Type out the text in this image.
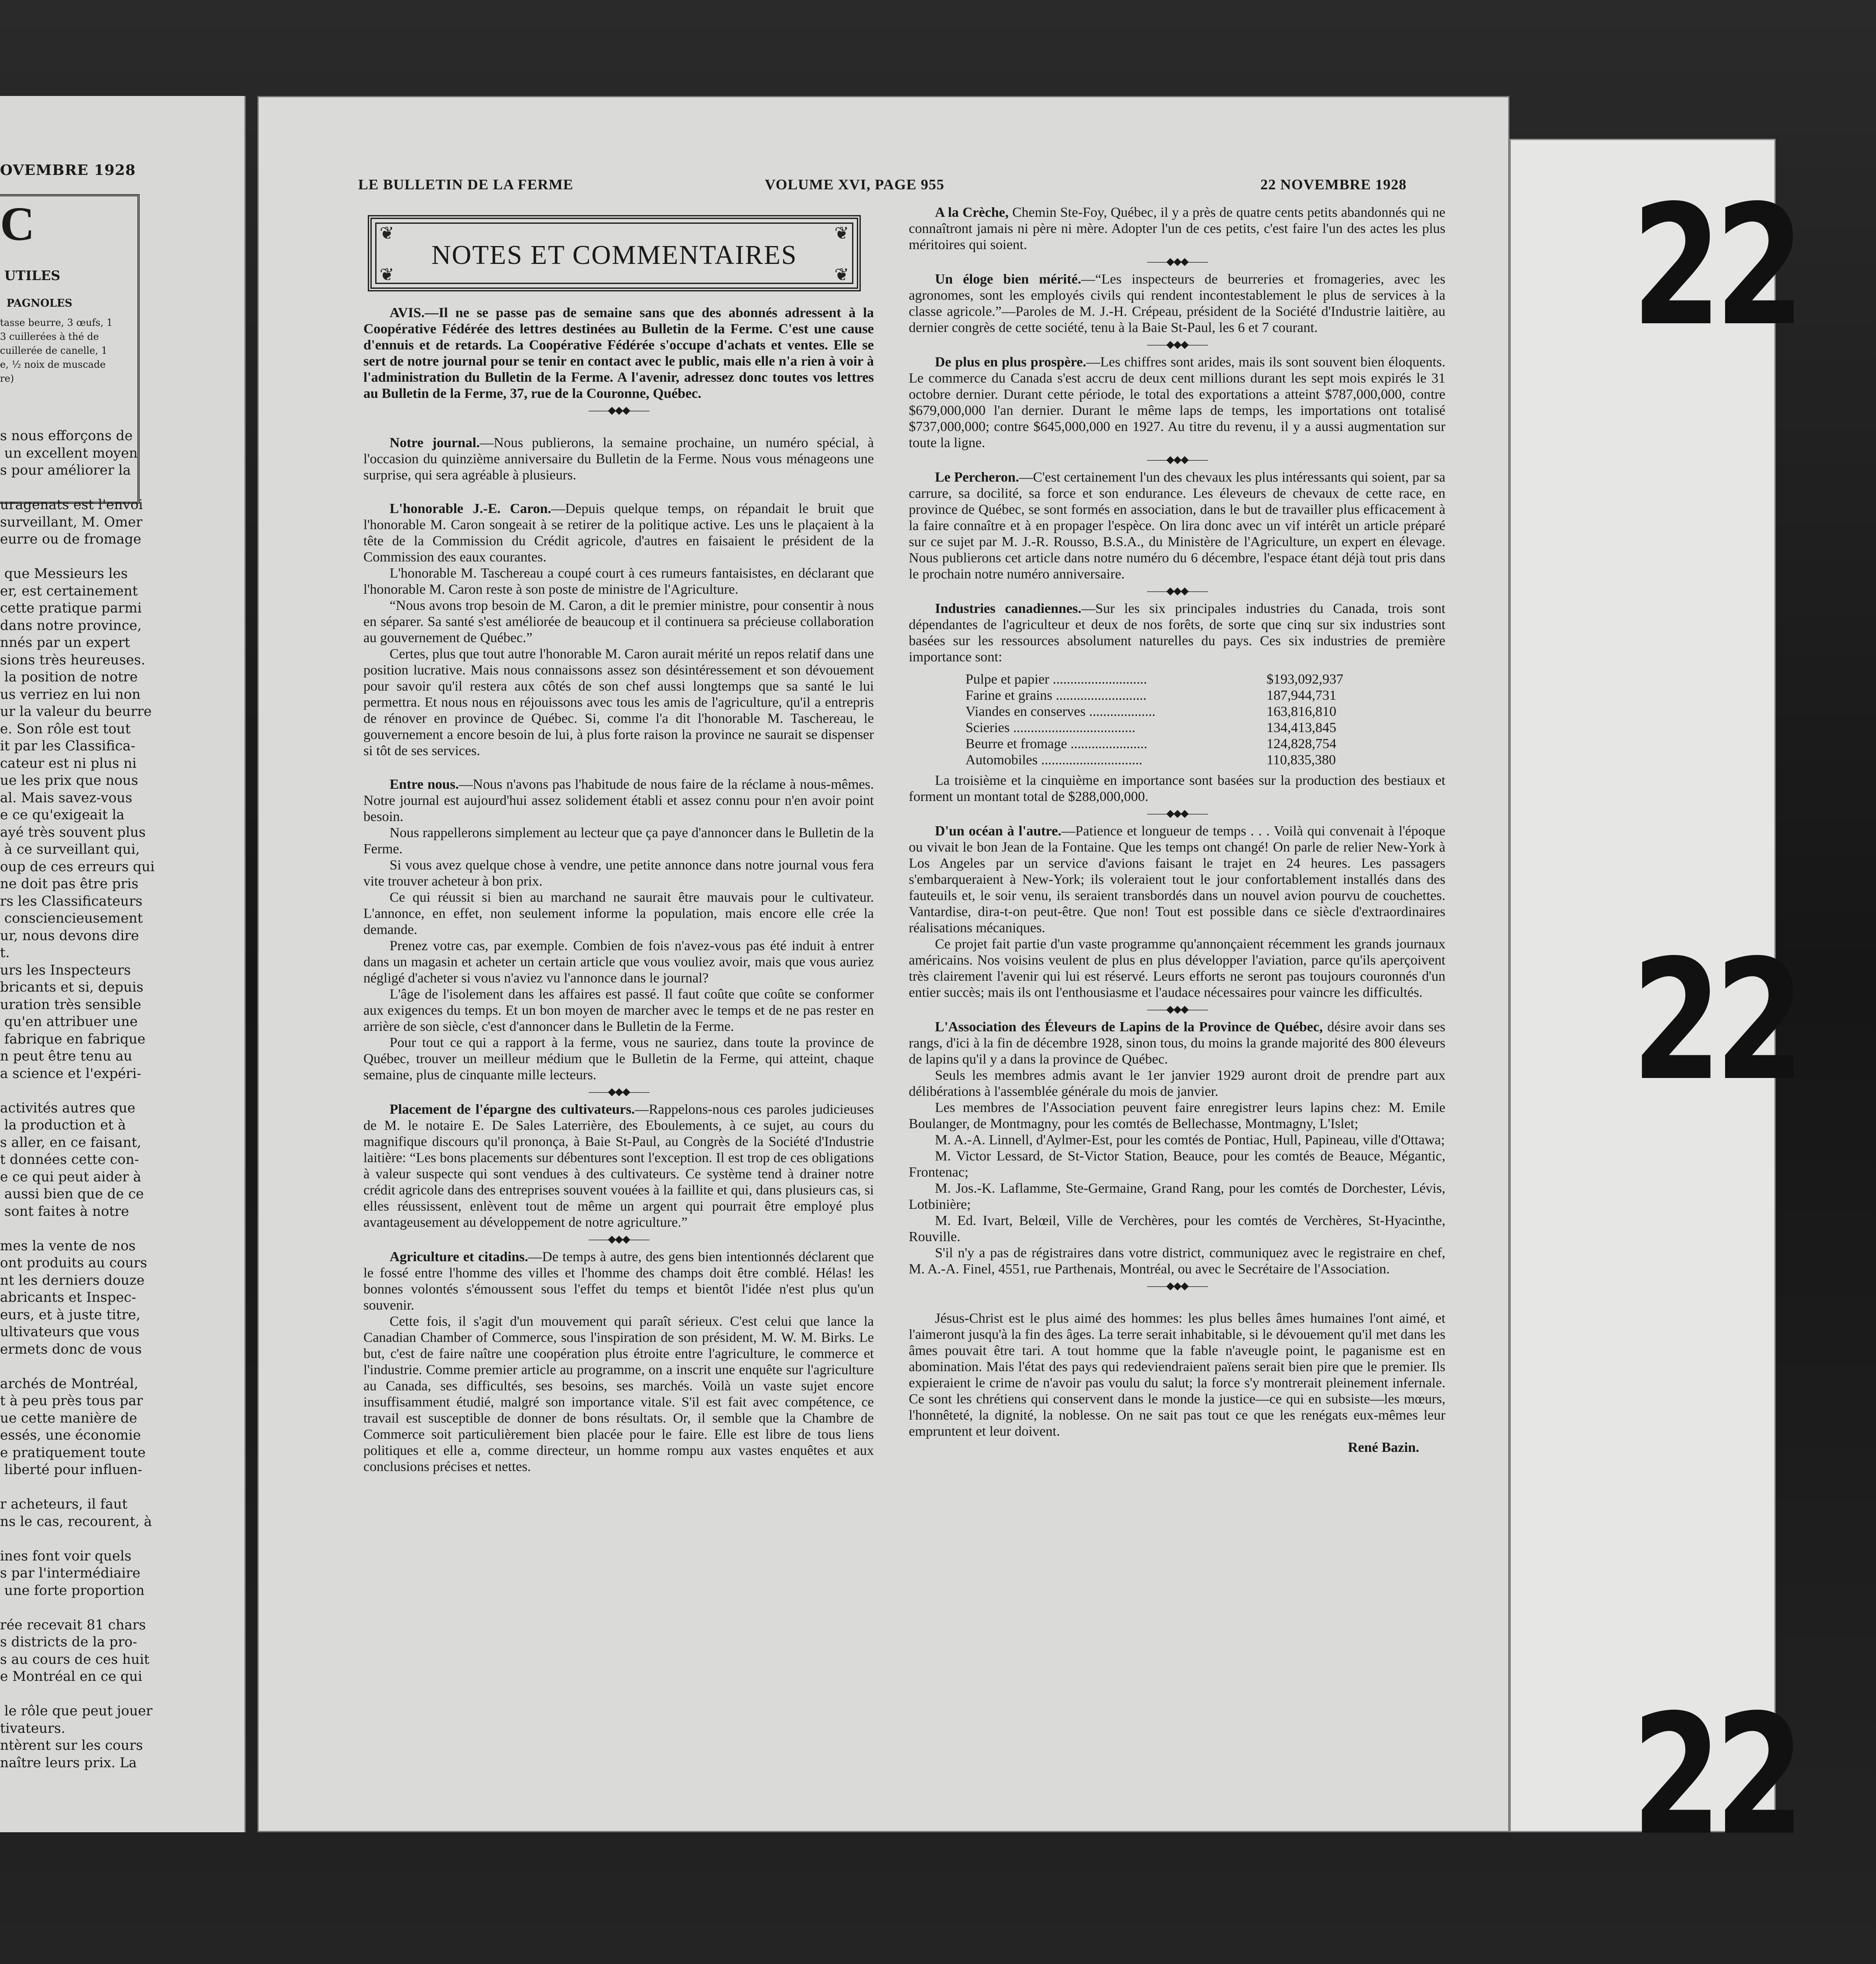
OVEMBRE 1928
C
UTILES
PAGNOLES
tasse beurre, 3 œufs, 1
3 cuillerées à thé de
cuillerée de canelle, 1
e, ½ noix de muscade
re)
s nous efforçons de
un excellent moyen
s pour améliorer la

uragenats est l'envoi
surveillant, M. Omer
eurre ou de fromage

que Messieurs les
er, est certainement
cette pratique parmi
dans notre province,
nnés par un expert
sions très heureuses.
la position de notre
us verriez en lui non
ur la valeur du beurre
e. Son rôle est tout
it par les Classifica-
cateur est ni plus ni
ue les prix que nous
al. Mais savez-vous
e ce qu'exigeait la
ayé très souvent plus
à ce surveillant qui,
oup de ces erreurs qui
ne doit pas être pris
rs les Classificateurs
consciencieusement
ur, nous devons dire
t.
urs les Inspecteurs
bricants et si, depuis
uration très sensible
qu'en attribuer une
fabrique en fabrique
n peut être tenu au
a science et l'expéri-

activités autres que
la production et à
s aller, en ce faisant,
t données cette con-
e ce qui peut aider à
aussi bien que de ce
sont faites à notre

mes la vente de nos
ont produits au cours
nt les derniers douze
abricants et Inspec-
eurs, et à juste titre,
ultivateurs que vous
ermets donc de vous

archés de Montréal,
t à peu près tous par
ue cette manière de
essés, une économie
e pratiquement toute
liberté pour influen-

r acheteurs, il faut
ns le cas, recourent, à

ines font voir quels
s par l'intermédiaire
une forte proportion

rée recevait 81 chars
s districts de la pro-
s au cours de ces huit
e Montréal en ce qui

le rôle que peut jouer
tivateurs.
ntèrent sur les cours
naître leurs prix. La
LE BULLETIN DE LA FERME	VOLUME XVI, PAGE 955	22 NOVEMBRE 1928
❦	❦
❦	❦
NOTES ET COMMENTAIRES

AVIS.—Il ne se passe pas de semaine sans que des abonnés adressent à la Coopérative Fédérée des lettres destinées au Bulletin de la Ferme. C'est une cause d'ennuis et de retards. La Coopérative Fédérée s'occupe d'achats et ventes. Elle se sert de notre journal pour se tenir en contact avec le public, mais elle n'a rien à voir à l'administration du Bulletin de la Ferme. A l'avenir, adressez donc toutes vos lettres au Bulletin de la Ferme, 37, rue de la Couronne, Québec.

——◆◆◆——

Notre journal.—Nous publierons, la semaine prochaine, un numéro spécial, à l'occasion du quinzième anniversaire du Bulletin de la Ferme. Nous vous ménageons une surprise, qui sera agréable à plusieurs.

L'honorable J.-E. Caron.—Depuis quelque temps, on répandait le bruit que l'honorable M. Caron songeait à se retirer de la politique active. Les uns le plaçaient à la tête de la Commission du Crédit agricole, d'autres en faisaient le président de la Commission des eaux courantes.

L'honorable M. Taschereau a coupé court à ces rumeurs fantaisistes, en déclarant que l'honorable M. Caron reste à son poste de ministre de l'Agriculture.

“Nous avons trop besoin de M. Caron, a dit le premier ministre, pour consentir à nous en séparer. Sa santé s'est améliorée de beaucoup et il continuera sa précieuse collaboration au gouvernement de Québec.”

Certes, plus que tout autre l'honorable M. Caron aurait mérité un repos relatif dans une position lucrative. Mais nous connaissons assez son désintéressement et son dévouement pour savoir qu'il restera aux côtés de son chef aussi longtemps que sa santé le lui permettra. Et nous nous en réjouissons avec tous les amis de l'agriculture, qu'il a entrepris de rénover en province de Québec. Si, comme l'a dit l'honorable M. Taschereau, le gouvernement a encore besoin de lui, à plus forte raison la province ne saurait se dispenser si tôt de ses services.

Entre nous.—Nous n'avons pas l'habitude de nous faire de la réclame à nous-mêmes. Notre journal est aujourd'hui assez solidement établi et assez connu pour n'en avoir point besoin.

Nous rappellerons simplement au lecteur que ça paye d'annoncer dans le Bulletin de la Ferme.

Si vous avez quelque chose à vendre, une petite annonce dans notre journal vous fera vite trouver acheteur à bon prix.

Ce qui réussit si bien au marchand ne saurait être mauvais pour le cultivateur. L'annonce, en effet, non seulement informe la population, mais encore elle crée la demande.

Prenez votre cas, par exemple. Combien de fois n'avez-vous pas été induit à entrer dans un magasin et acheter un certain article que vous vouliez avoir, mais que vous auriez négligé d'acheter si vous n'aviez vu l'annonce dans le journal?

L'âge de l'isolement dans les affaires est passé. Il faut coûte que coûte se conformer aux exigences du temps. Et un bon moyen de marcher avec le temps et de ne pas rester en arrière de son siècle, c'est d'annoncer dans le Bulletin de la Ferme.

Pour tout ce qui a rapport à la ferme, vous ne sauriez, dans toute la province de Québec, trouver un meilleur médium que le Bulletin de la Ferme, qui atteint, chaque semaine, plus de cinquante mille lecteurs.

——◆◆◆——

Placement de l'épargne des cultivateurs.—Rappelons-nous ces paroles judicieuses de M. le notaire E. De Sales Laterrière, des Eboulements, à ce sujet, au cours du magnifique discours qu'il prononça, à Baie St-Paul, au Congrès de la Société d'Industrie laitière: “Les bons placements sur débentures sont l'exception. Il est trop de ces obligations à valeur suspecte qui sont vendues à des cultivateurs. Ce système tend à drainer notre crédit agricole dans des entreprises souvent vouées à la faillite et qui, dans plusieurs cas, si elles réussissent, enlèvent tout de même un argent qui pourrait être employé plus avantageusement au développement de notre agriculture.”

——◆◆◆——

Agriculture et citadins.—De temps à autre, des gens bien intentionnés déclarent que le fossé entre l'homme des villes et l'homme des champs doit être comblé. Hélas! les bonnes volontés s'émoussent sous l'effet du temps et bientôt l'idée n'est plus qu'un souvenir.

Cette fois, il s'agit d'un mouvement qui paraît sérieux. C'est celui que lance la Canadian Chamber of Commerce, sous l'inspiration de son président, M. W. M. Birks. Le but, c'est de faire naître une coopération plus étroite entre l'agriculture, le commerce et l'industrie. Comme premier article au programme, on a inscrit une enquête sur l'agriculture au Canada, ses difficultés, ses besoins, ses marchés. Voilà un vaste sujet encore insuffisamment étudié, malgré son importance vitale. S'il est fait avec compétence, ce travail est susceptible de donner de bons résultats. Or, il semble que la Chambre de Commerce soit particulièrement bien placée pour le faire. Elle est libre de tous liens politiques et elle a, comme directeur, un homme rompu aux vastes enquêtes et aux conclusions précises et nettes.

A la Crèche, Chemin Ste-Foy, Québec, il y a près de quatre cents petits abandonnés qui ne connaîtront jamais ni père ni mère. Adopter l'un de ces petits, c'est faire l'un des actes les plus méritoires qui soient.

——◆◆◆——

Un éloge bien mérité.—“Les inspecteurs de beurreries et fromageries, avec les agronomes, sont les employés civils qui rendent incontestablement le plus de services à la classe agricole.”—Paroles de M. J.-H. Crépeau, président de la Société d'Industrie laitière, au dernier congrès de cette société, tenu à la Baie St-Paul, les 6 et 7 courant.

——◆◆◆——

De plus en plus prospère.—Les chiffres sont arides, mais ils sont souvent bien éloquents. Le commerce du Canada s'est accru de deux cent millions durant les sept mois expirés le 31 octobre dernier. Durant cette période, le total des exportations a atteint $787,000,000, contre $679,000,000 l'an dernier. Durant le même laps de temps, les importations ont totalisé $737,000,000; contre $645,000,000 en 1927. Au titre du revenu, il y a aussi augmentation sur toute la ligne.

——◆◆◆——

Le Percheron.—C'est certainement l'un des chevaux les plus intéressants qui soient, par sa carrure, sa docilité, sa force et son endurance. Les éleveurs de chevaux de cette race, en province de Québec, se sont formés en association, dans le but de travailler plus efficacement à la faire connaître et à en propager l'espèce. On lira donc avec un vif intérêt un article préparé sur ce sujet par M. J.-R. Rousso, B.S.A., du Ministère de l'Agriculture, un expert en élevage. Nous publierons cet article dans notre numéro du 6 décembre, l'espace étant déjà tout pris dans le prochain notre numéro anniversaire.

——◆◆◆——

Industries canadiennes.—Sur les six principales industries du Canada, trois sont dépendantes de l'agriculteur et deux de nos forêts, de sorte que cinq sur six industries sont basées sur les ressources absolument naturelles du pays. Ces six industries de première importance sont:

Pulpe et papier ...........................	$193,092,937
Farine et grains ..........................	187,944,731
Viandes en conserves ...................	163,816,810
Scieries ...................................	134,413,845
Beurre et fromage ......................	124,828,754
Automobiles .............................	110,835,380

La troisième et la cinquième en importance sont basées sur la production des bestiaux et forment un montant total de $288,000,000.

——◆◆◆——

D'un océan à l'autre.—Patience et longueur de temps . . . Voilà qui convenait à l'époque ou vivait le bon Jean de la Fontaine. Que les temps ont changé! On parle de relier New-York à Los Angeles par un service d'avions faisant le trajet en 24 heures. Les passagers s'embarqueraient à New-York; ils voleraient tout le jour confortablement installés dans des fauteuils et, le soir venu, ils seraient transbordés dans un nouvel avion pourvu de couchettes. Vantardise, dira-t-on peut-être. Que non! Tout est possible dans ce siècle d'extraordinaires réalisations mécaniques.

Ce projet fait partie d'un vaste programme qu'annonçaient récemment les grands journaux américains. Nos voisins veulent de plus en plus développer l'aviation, parce qu'ils aperçoivent très clairement l'avenir qui lui est réservé. Leurs efforts ne seront pas toujours couronnés d'un entier succès; mais ils ont l'enthousiasme et l'audace nécessaires pour vaincre les difficultés.

——◆◆◆——

L'Association des Éleveurs de Lapins de la Province de Québec, désire avoir dans ses rangs, d'ici à la fin de décembre 1928, sinon tous, du moins la grande majorité des 800 éleveurs de lapins qu'il y a dans la province de Québec.

Seuls les membres admis avant le 1er janvier 1929 auront droit de prendre part aux délibérations à l'assemblée générale du mois de janvier.

Les membres de l'Association peuvent faire enregistrer leurs lapins chez: M. Emile Boulanger, de Montmagny, pour les comtés de Bellechasse, Montmagny, L'Islet;

M. A.-A. Linnell, d'Aylmer-Est, pour les comtés de Pontiac, Hull, Papineau, ville d'Ottawa;

M. Victor Lessard, de St-Victor Station, Beauce, pour les comtés de Beauce, Mégantic, Frontenac;

M. Jos.-K. Laflamme, Ste-Germaine, Grand Rang, pour les comtés de Dorchester, Lévis, Lotbinière;

M. Ed. Ivart, Belœil, Ville de Verchères, pour les comtés de Verchères, St-Hyacinthe, Rouville.

S'il n'y a pas de régistraires dans votre district, communiquez avec le registraire en chef, M. A.-A. Finel, 4551, rue Parthenais, Montréal, ou avec le Secrétaire de l'Association.

——◆◆◆——

Jésus-Christ est le plus aimé des hommes: les plus belles âmes humaines l'ont aimé, et l'aimeront jusqu'à la fin des âges. La terre serait inhabitable, si le dévouement qu'il met dans les âmes pouvait être tari. A tout homme que la fable n'aveugle point, le paganisme est en abomination. Mais l'état des pays qui redeviendraient païens serait bien pire que le premier. Ils expieraient le crime de n'avoir pas voulu du salut; la force s'y montrerait pleinement infernale. Ce sont les chrétiens qui conservent dans le monde la justice—ce qui en subsiste—les mœurs, l'honnêteté, la dignité, la noblesse. On ne sait pas tout ce que les renégats eux-mêmes leur empruntent et leur doivent.

René Bazin.
22
22
22
